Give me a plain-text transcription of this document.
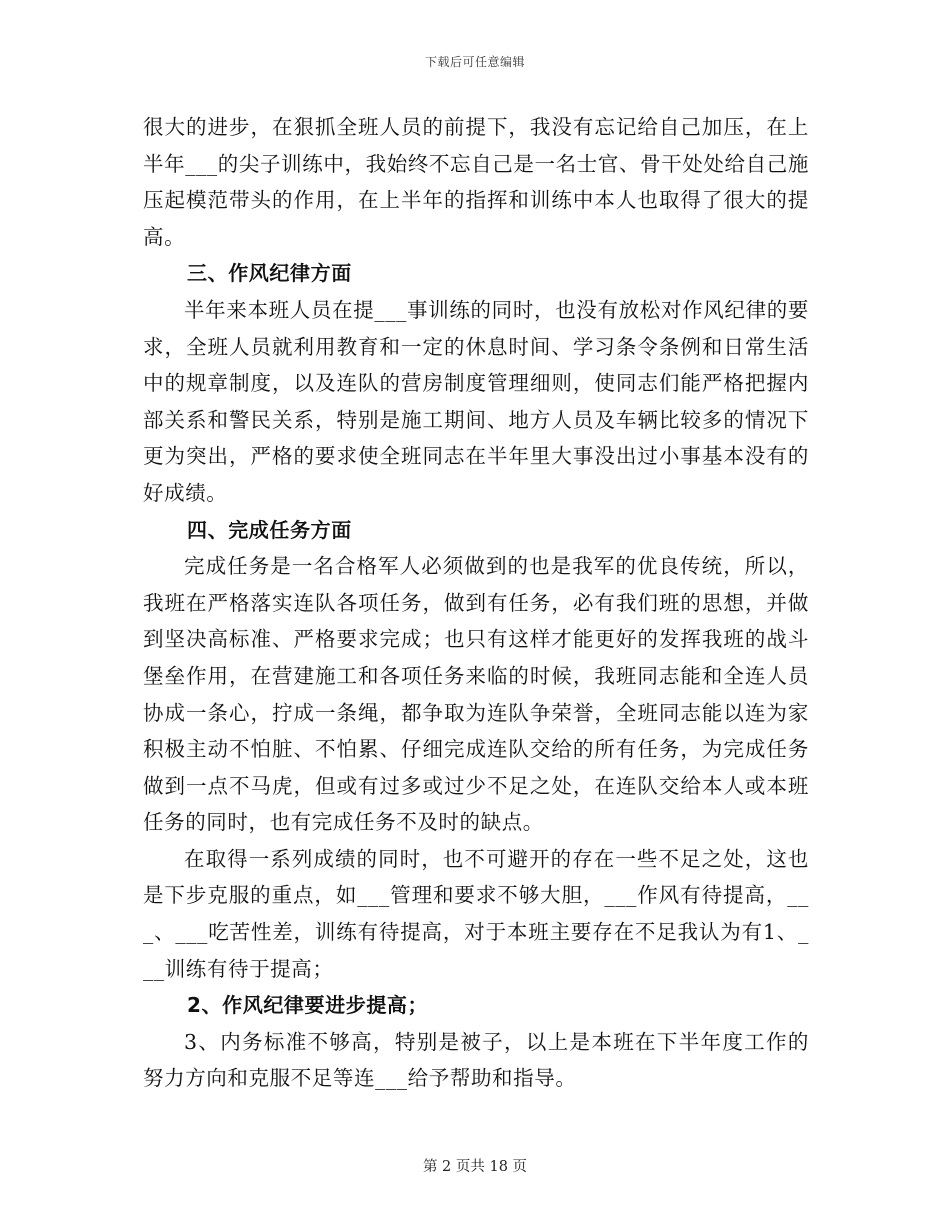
下载后可任意编辑

很大的进步，在狠抓全班人员的前提下，我没有忘记给自己加压，在上半年___的尖子训练中，我始终不忘自己是一名士官、骨干处处给自己施压起模范带头的作用，在上半年的指挥和训练中本人也取得了很大的提高。

三、作风纪律方面

半年来本班人员在提___事训练的同时，也没有放松对作风纪律的要求，全班人员就利用教育和一定的休息时间、学习条令条例和日常生活中的规章制度，以及连队的营房制度管理细则，使同志们能严格把握内部关系和警民关系，特别是施工期间、地方人员及车辆比较多的情况下更为突出，严格的要求使全班同志在半年里大事没出过小事基本没有的好成绩。

四、完成任务方面

完成任务是一名合格军人必须做到的也是我军的优良传统，所以，我班在严格落实连队各项任务，做到有任务，必有我们班的思想，并做到坚决高标准、严格要求完成；也只有这样才能更好的发挥我班的战斗堡垒作用，在营建施工和各项任务来临的时候，我班同志能和全连人员协成一条心，拧成一条绳，都争取为连队争荣誉，全班同志能以连为家积极主动不怕脏、不怕累、仔细完成连队交给的所有任务，为完成任务做到一点不马虎，但或有过多或过少不足之处，在连队交给本人或本班任务的同时，也有完成任务不及时的缺点。

在取得一系列成绩的同时，也不可避开的存在一些不足之处，这也是下步克服的重点，如___管理和要求不够大胆，___作风有待提高，___、___吃苦性差，训练有待提高，对于本班主要存在不足我认为有1、___训练有待于提高；

2、作风纪律要进步提高；

3、内务标准不够高，特别是被子，以上是本班在下半年度工作的努力方向和克服不足等连___给予帮助和指导。

第 2 页共 18 页
